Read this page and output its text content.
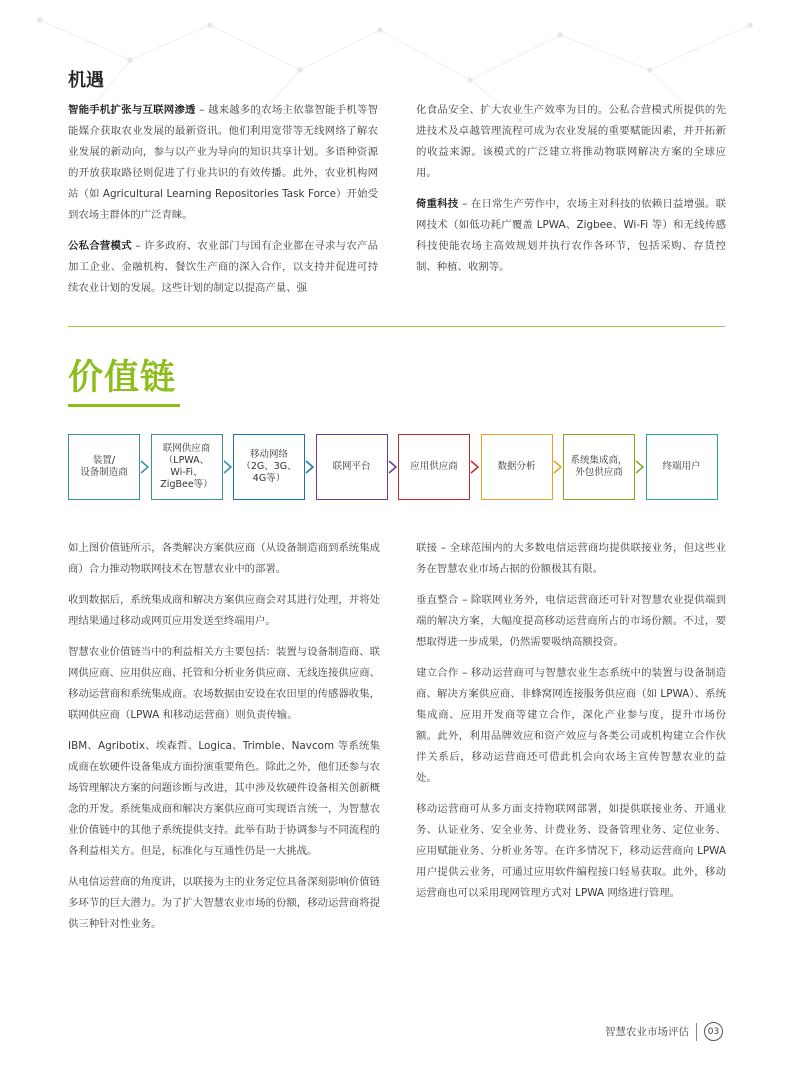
机遇

智能手机扩张与互联网渗透 – 越来越多的农场主依靠智能手机等智能媒介获取农业发展的最新资讯。他们利用宽带等无线网络了解农业发展的新动向，参与以产业为导向的知识共享计划。多语种资源的开放获取路径则促进了行业共识的有效传播。此外，农业机构网站（如 Agricultural Learning Repositories Task Force）开始受到农场主群体的广泛青睐。

公私合营模式 – 许多政府、农业部门与国有企业都在寻求与农产品加工企业、金融机构、餐饮生产商的深入合作，以支持并促进可持续农业计划的发展。这些计划的制定以提高产量、强

化食品安全、扩大农业生产效率为目的。公私合营模式所提供的先进技术及卓越管理流程可成为农业发展的重要赋能因素，并开拓新的收益来源。该模式的广泛建立将推动物联网解决方案的全球应用。

倚重科技 – 在日常生产劳作中，农场主对科技的依赖日益增强。联网技术（如低功耗广覆盖 LPWA、Zigbee、Wi-Fi 等）和无线传感科技使能农场主高效规划并执行农作各环节，包括采购、存货控制、种植、收割等。

价值链
装置/
设备制造商
联网供应商
（LPWA、
Wi-Fi、
ZigBee等）
移动网络
（2G、3G、
4G等）
联网平台	应用供应商	数据分析
系统集成商，
外包供应商
终端用户

如上图价值链所示，各类解决方案供应商（从设备制造商到系统集成商）合力推动物联网技术在智慧农业中的部署。

收到数据后，系统集成商和解决方案供应商会对其进行处理，并将处理结果通过移动或网页应用发送至终端用户。

智慧农业价值链当中的利益相关方主要包括：装置与设备制造商、联网供应商、应用供应商、托管和分析业务供应商、无线连接供应商、移动运营商和系统集成商。农场数据由安设在农田里的传感器收集，联网供应商（LPWA 和移动运营商）则负责传输。

IBM、Agribotix、埃森哲、Logica、Trimble、Navcom 等系统集成商在软硬件设备集成方面扮演重要角色。除此之外，他们还参与农场管理解决方案的问题诊断与改进，其中涉及软硬件设备相关创新概念的开发。系统集成商和解决方案供应商可实现语言统一，为智慧农业价值链中的其他子系统提供支持。此举有助于协调参与不同流程的各利益相关方。但是，标准化与互通性仍是一大挑战。

从电信运营商的角度讲，以联接为主的业务定位具备深刻影响价值链多环节的巨大潜力。为了扩大智慧农业市场的份额，移动运营商将提供三种针对性业务。

联接 – 全球范围内的大多数电信运营商均提供联接业务，但这些业务在智慧农业市场占据的份额极其有限。

垂直整合 – 除联网业务外，电信运营商还可针对智慧农业提供端到端的解决方案，大幅度提高移动运营商所占的市场份额。不过，要想取得进一步成果，仍然需要吸纳高额投资。

建立合作 – 移动运营商可与智慧农业生态系统中的装置与设备制造商、解决方案供应商、非蜂窝网连接服务供应商（如 LPWA）、系统集成商、应用开发商等建立合作，深化产业参与度，提升市场份额。此外，利用品牌效应和资产效应与各类公司或机构建立合作伙伴关系后，移动运营商还可借此机会向农场主宣传智慧农业的益处。

移动运营商可从多方面支持物联网部署，如提供联接业务、开通业务、认证业务、安全业务、计费业务、设备管理业务、定位业务、应用赋能业务、分析业务等。在许多情况下，移动运营商向 LPWA 用户提供云业务，可通过应用软件编程接口轻易获取。此外，移动运营商也可以采用现网管理方式对 LPWA 网络进行管理。

智慧农业市场评估	03
